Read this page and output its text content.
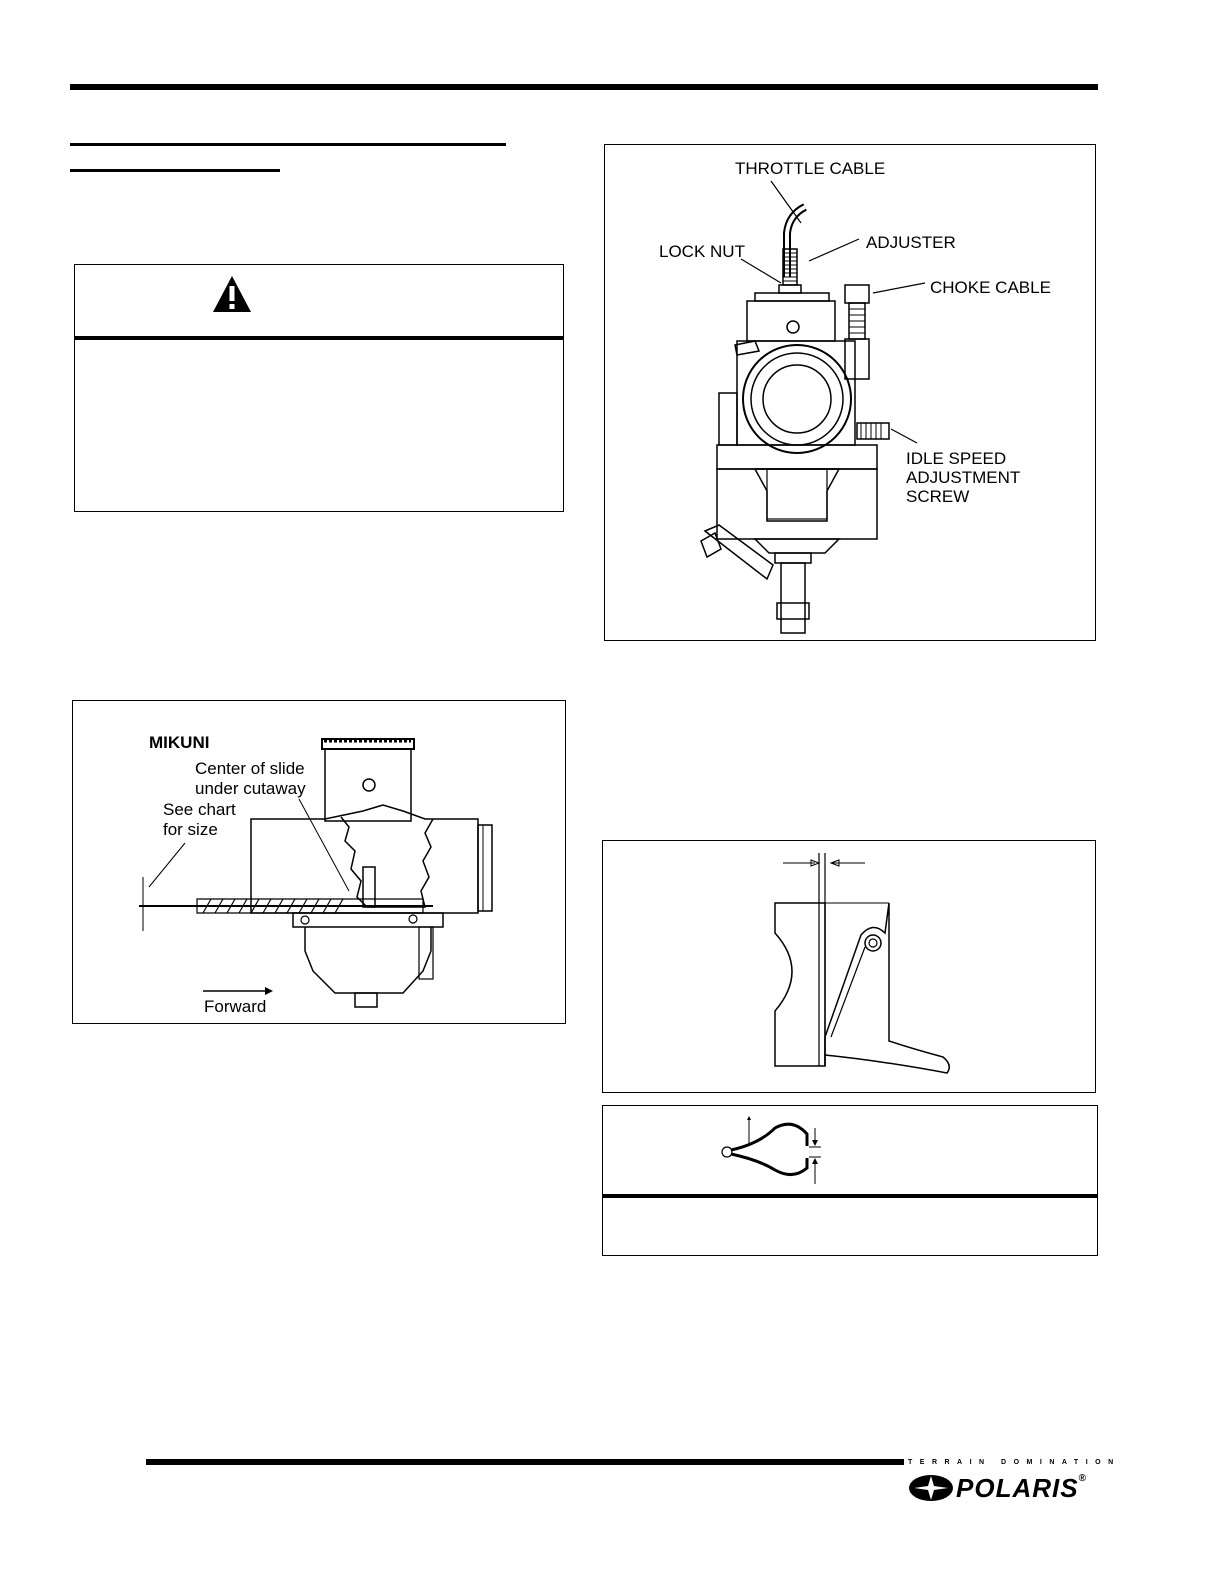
MIKUNI
Center of slide
under cutaway
See chart
for size
Forward
THROTTLE CABLE
ADJUSTER
LOCK NUT
CHOKE CABLE
IDLE SPEED
ADJUSTMENT
SCREW
TERRAIN DOMINATION
POLARIS®
